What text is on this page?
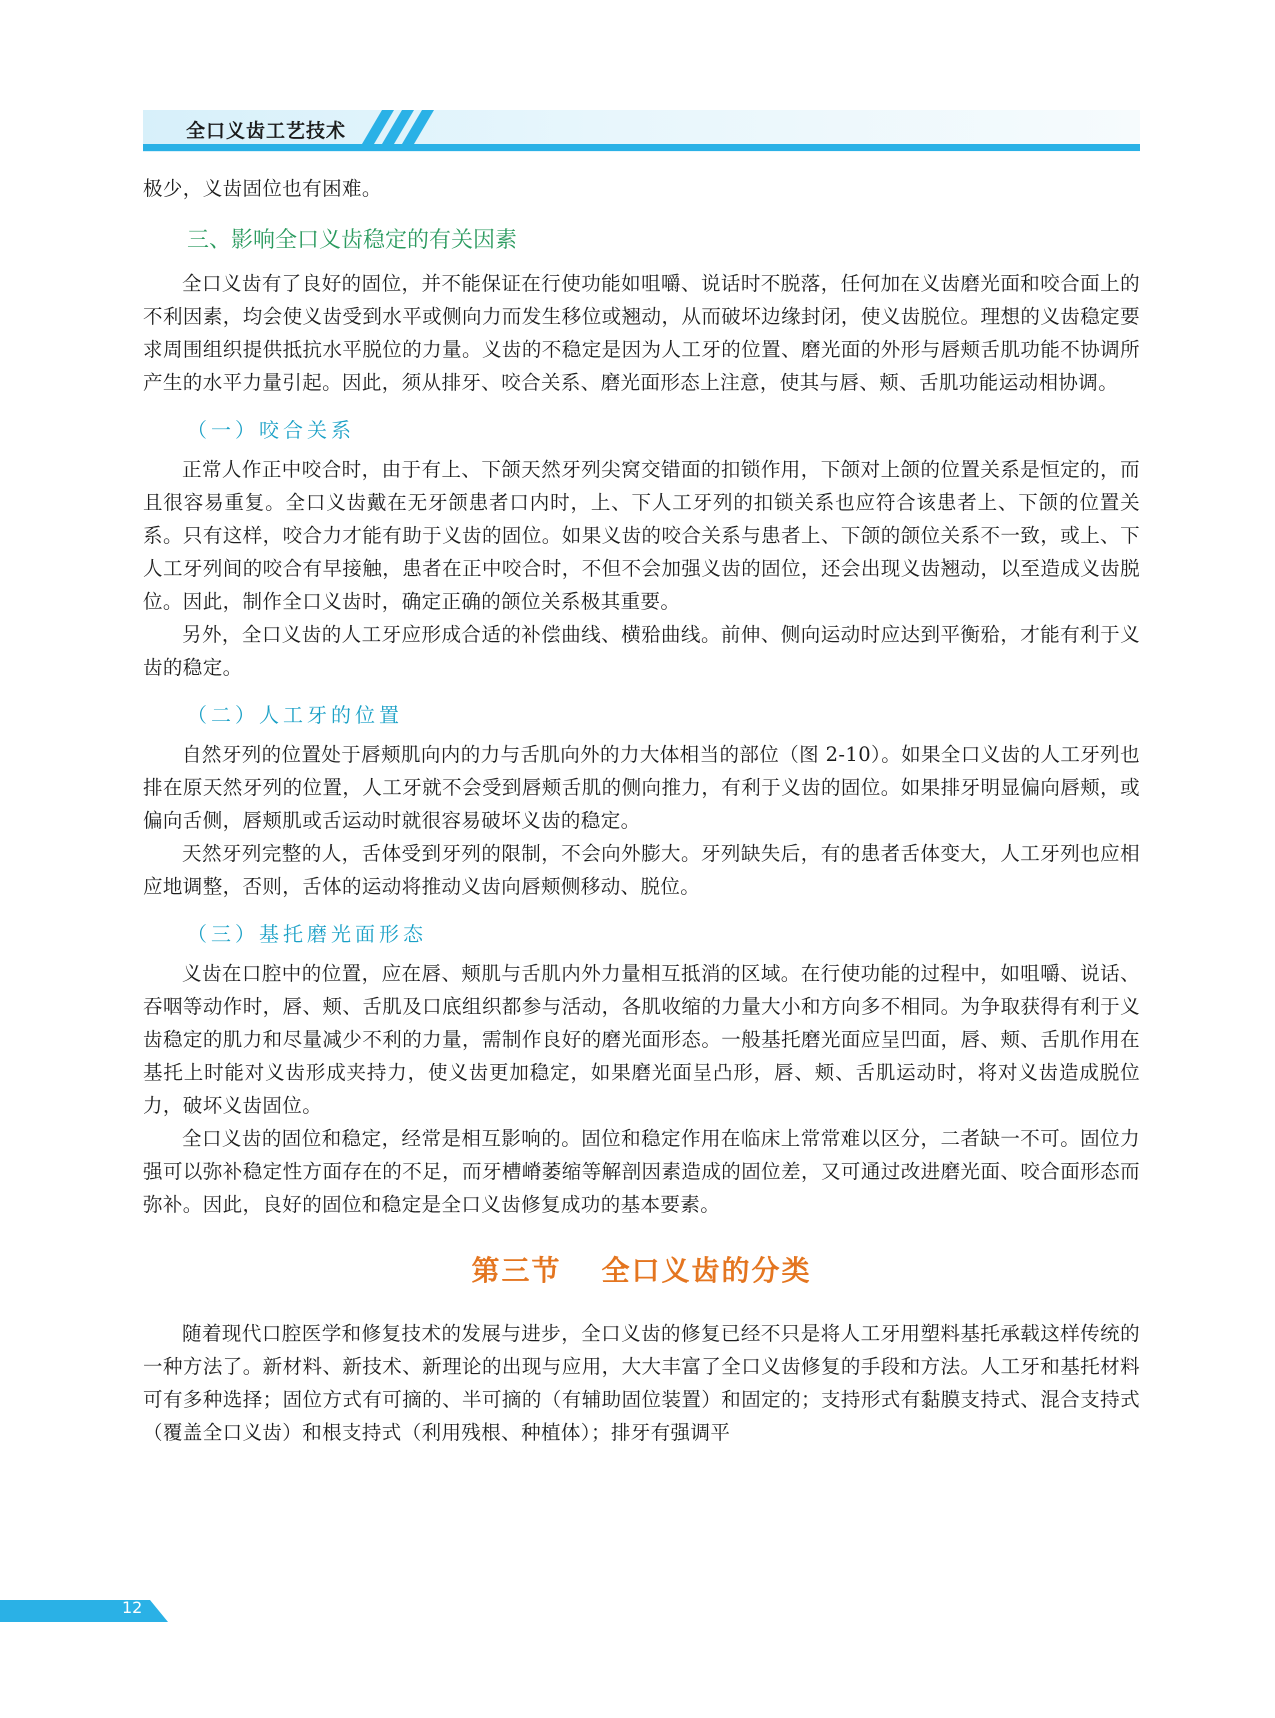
全口义齿工艺技术

极少，义齿固位也有困难。

三、影响全口义齿稳定的有关因素

全口义齿有了良好的固位，并不能保证在行使功能如咀嚼、说话时不脱落，任何加在义齿磨光面和咬合面上的不利因素，均会使义齿受到水平或侧向力而发生移位或翘动，从而破坏边缘封闭，使义齿脱位。理想的义齿稳定要求周围组织提供抵抗水平脱位的力量。义齿的不稳定是因为人工牙的位置、磨光面的外形与唇颊舌肌功能不协调所产生的水平力量引起。因此，须从排牙、咬合关系、磨光面形态上注意，使其与唇、颊、舌肌功能运动相协调。

（一）咬合关系

正常人作正中咬合时，由于有上、下颌天然牙列尖窝交错面的扣锁作用，下颌对上颌的位置关系是恒定的，而且很容易重复。全口义齿戴在无牙颌患者口内时，上、下人工牙列的扣锁关系也应符合该患者上、下颌的位置关系。只有这样，咬合力才能有助于义齿的固位。如果义齿的咬合关系与患者上、下颌的颌位关系不一致，或上、下人工牙列间的咬合有早接触，患者在正中咬合时，不但不会加强义齿的固位，还会出现义齿翘动，以至造成义齿脱位。因此，制作全口义齿时，确定正确的颌位关系极其重要。

另外，全口义齿的人工牙应形成合适的补偿曲线、横𬌗曲线。前伸、侧向运动时应达到平衡𬌗，才能有利于义齿的稳定。

（二）人工牙的位置

自然牙列的位置处于唇颊肌向内的力与舌肌向外的力大体相当的部位（图 2-10）。如果全口义齿的人工牙列也排在原天然牙列的位置，人工牙就不会受到唇颊舌肌的侧向推力，有利于义齿的固位。如果排牙明显偏向唇颊，或偏向舌侧，唇颊肌或舌运动时就很容易破坏义齿的稳定。

天然牙列完整的人，舌体受到牙列的限制，不会向外膨大。牙列缺失后，有的患者舌体变大，人工牙列也应相应地调整，否则，舌体的运动将推动义齿向唇颊侧移动、脱位。

（三）基托磨光面形态

义齿在口腔中的位置，应在唇、颊肌与舌肌内外力量相互抵消的区域。在行使功能的过程中，如咀嚼、说话、吞咽等动作时，唇、颊、舌肌及口底组织都参与活动，各肌收缩的力量大小和方向多不相同。为争取获得有利于义齿稳定的肌力和尽量减少不利的力量，需制作良好的磨光面形态。一般基托磨光面应呈凹面，唇、颊、舌肌作用在基托上时能对义齿形成夹持力，使义齿更加稳定，如果磨光面呈凸形，唇、颊、舌肌运动时，将对义齿造成脱位力，破坏义齿固位。

全口义齿的固位和稳定，经常是相互影响的。固位和稳定作用在临床上常常难以区分，二者缺一不可。固位力强可以弥补稳定性方面存在的不足，而牙槽嵴萎缩等解剖因素造成的固位差，又可通过改进磨光面、咬合面形态而弥补。因此，良好的固位和稳定是全口义齿修复成功的基本要素。

第三节 全口义齿的分类

随着现代口腔医学和修复技术的发展与进步，全口义齿的修复已经不只是将人工牙用塑料基托承载这样传统的一种方法了。新材料、新技术、新理论的出现与应用，大大丰富了全口义齿修复的手段和方法。人工牙和基托材料可有多种选择；固位方式有可摘的、半可摘的（有辅助固位装置）和固定的；支持形式有黏膜支持式、混合支持式（覆盖全口义齿）和根支持式（利用残根、种植体）；排牙有强调平

12
